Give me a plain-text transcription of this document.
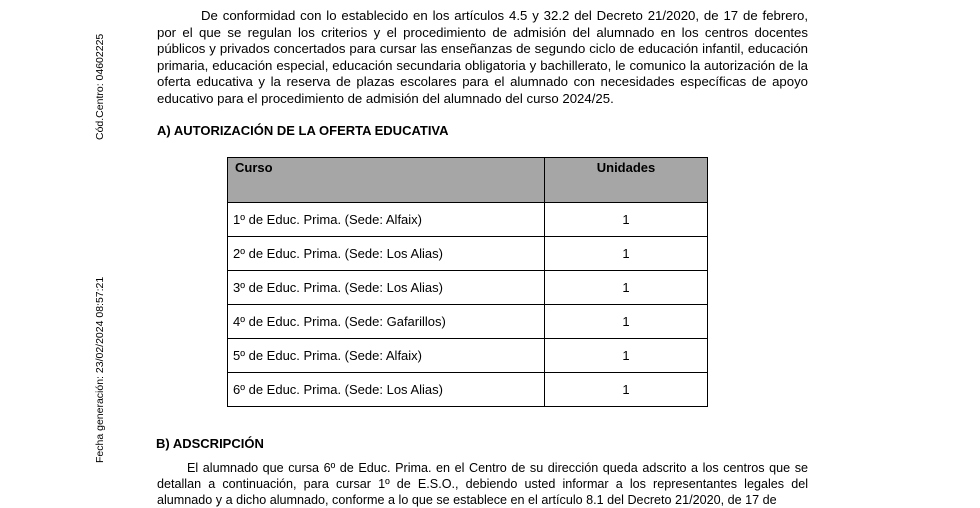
Cód.Centro: 04602225
Fecha generación: 23/02/2024 08:57:21
De conformidad con lo establecido en los artículos 4.5 y 32.2 del Decreto 21/2020, de 17 de febrero, por el que se regulan los criterios y el procedimiento de admisión del alumnado en los centros docentes públicos y privados concertados para cursar las enseñanzas de segundo ciclo de educación infantil, educación primaria, educación especial, educación secundaria obligatoria y bachillerato, le comunico la autorización de la oferta educativa y la reserva de plazas escolares para el alumnado con necesidades específicas de apoyo educativo para el procedimiento de admisión del alumnado del curso 2024/25.
A) AUTORIZACIÓN DE LA OFERTA EDUCATIVA
Curso	Unidades
1º de Educ. Prima. (Sede: Alfaix)	1
2º de Educ. Prima. (Sede: Los Alias)	1
3º de Educ. Prima. (Sede: Los Alias)	1
4º de Educ. Prima. (Sede: Gafarillos)	1
5º de Educ. Prima. (Sede: Alfaix)	1
6º de Educ. Prima. (Sede: Los Alias)	1
B) ADSCRIPCIÓN
El alumnado que cursa 6º de Educ. Prima. en el Centro de su dirección queda adscrito a los centros que se detallan a continuación, para cursar 1º de E.S.O., debiendo usted informar a los representantes legales del alumnado y a dicho alumnado, conforme a lo que se establece en el artículo 8.1 del Decreto 21/2020, de 17 de
